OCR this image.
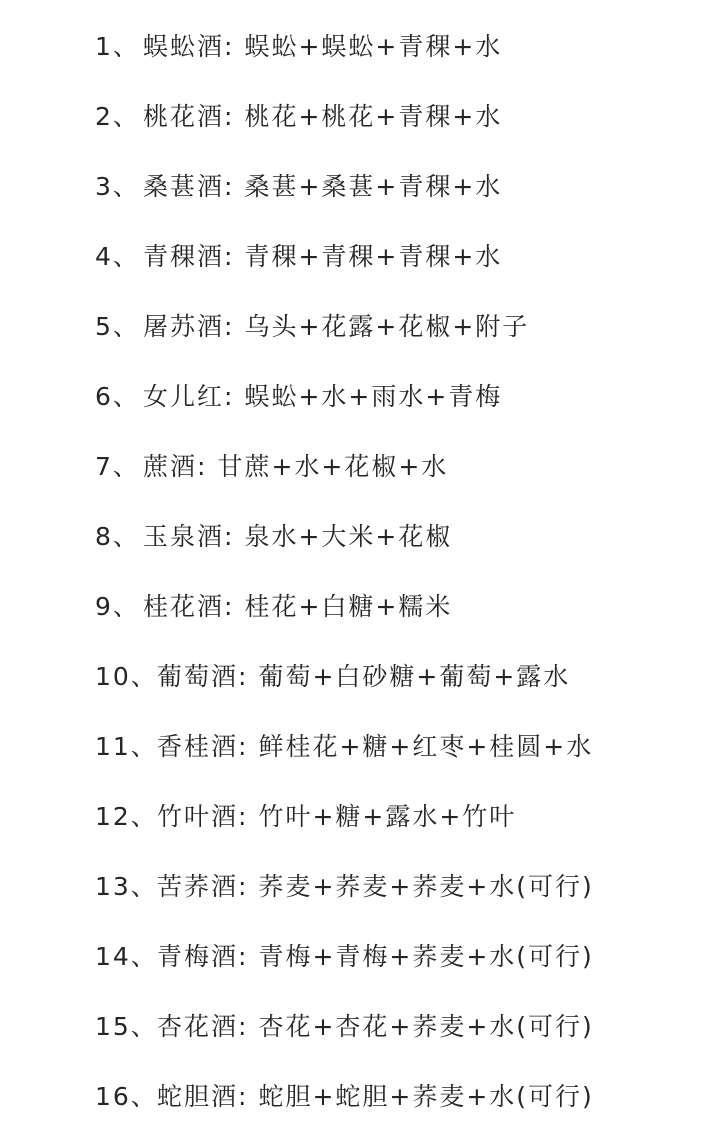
1、 蜈蚣酒: 蜈蚣+蜈蚣+青稞+水
2、 桃花酒: 桃花+桃花+青稞+水
3、 桑葚酒: 桑葚+桑葚+青稞+水
4、 青稞酒: 青稞+青稞+青稞+水
5、 屠苏酒: 乌头+花露+花椒+附子
6、 女儿红: 蜈蚣+水+雨水+青梅
7、 蔗酒: 甘蔗+水+花椒+水
8、 玉泉酒: 泉水+大米+花椒
9、 桂花酒: 桂花+白糖+糯米
10、 葡萄酒: 葡萄+白砂糖+葡萄+露水
11、 香桂酒: 鲜桂花+糖+红枣+桂圆+水
12、 竹叶酒: 竹叶+糖+露水+竹叶
13、 苦荞酒: 荞麦+荞麦+荞麦+水(可行)
14、 青梅酒: 青梅+青梅+荞麦+水(可行)
15、 杏花酒: 杏花+杏花+荞麦+水(可行)
16、 蛇胆酒: 蛇胆+蛇胆+荞麦+水(可行)
